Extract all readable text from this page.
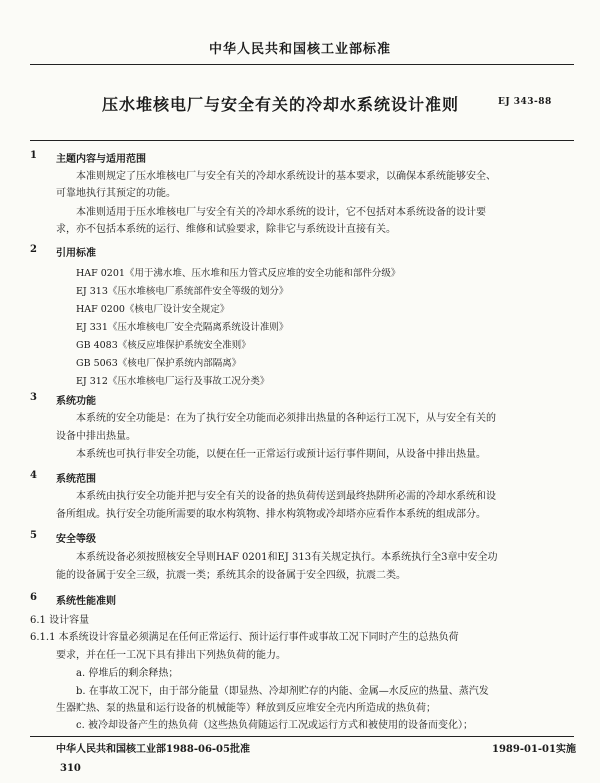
中华人民共和国核工业部标准
压水堆核电厂与安全有关的冷却水系统设计准则	EJ 343-88
1 主题内容与适用范围
本准则规定了压水堆核电厂与安全有关的冷却水系统设计的基本要求，以确保本系统能够安全、
可靠地执行其预定的功能。
本准则适用于压水堆核电厂与安全有关的冷却水系统的设计，它不包括对本系统设备的设计要
求，亦不包括本系统的运行、维修和试验要求，除非它与系统设计直接有关。
2 引用标准
HAF 0201《用于沸水堆、压水堆和压力管式反应堆的安全功能和部件分级》
EJ 313《压水堆核电厂系统部件安全等级的划分》
HAF 0200《核电厂设计安全规定》
EJ 331《压水堆核电厂安全壳隔离系统设计准则》
GB 4083《核反应堆保护系统安全准则》
GB 5063《核电厂保护系统内部隔离》
EJ 312《压水堆核电厂运行及事故工况分类》
3 系统功能
本系统的安全功能是：在为了执行安全功能而必须排出热量的各种运行工况下，从与安全有关的
设备中排出热量。
本系统也可执行非安全功能，以便在任一正常运行或预计运行事件期间，从设备中排出热量。
4 系统范围
本系统由执行安全功能并把与安全有关的设备的热负荷传送到最终热阱所必需的冷却水系统和设
备所组成。执行安全功能所需要的取水构筑物、排水构筑物或冷却塔亦应看作本系统的组成部分。
5 安全等级
本系统设备必须按照核安全导则HAF 0201和EJ 313有关规定执行。本系统执行全3章中安全功
能的设备属于安全三级，抗震一类；系统其余的设备属于安全四级，抗震二类。
6 系统性能准则
6.1 设计容量
6.1.1 本系统设计容量必须满足在任何正常运行、预计运行事件或事故工况下同时产生的总热负荷
要求，并在任一工况下具有排出下列热负荷的能力。
a. 停堆后的剩余释热；
b. 在事故工况下，由于部分能量（即显热、冷却剂贮存的内能、金属—水反应的热量、蒸汽发
生器贮热、泵的热量和运行设备的机械能等）释放到反应堆安全壳内所造成的热负荷；
c. 被冷却设备产生的热负荷（这些热负荷随运行工况或运行方式和被使用的设备而变化）；
中华人民共和国核工业部1988-06-05批准	1989-01-01实施
310
